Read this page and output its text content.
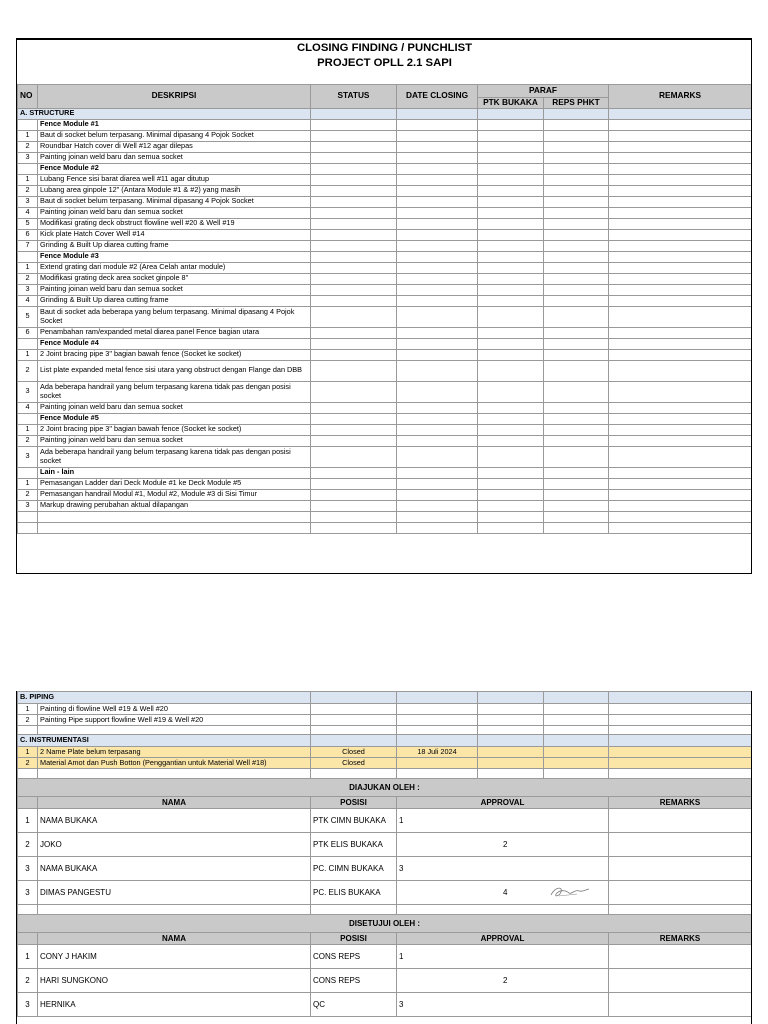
CLOSING FINDING / PUNCHLIST						
PROJECT OPLL 2.1 SAPI						
NO	DESKRIPSI	STATUS	DATE CLOSING	PARAF		REMARKS
				PTK BUKAKA	REPS PHKT	
A. STRUCTURE						
	Fence Module #1					
1	Baut di socket belum terpasang. Minimal dipasang 4 Pojok Socket					
2	Roundbar Hatch cover di Well #12 agar dilepas					
3	Painting joinan weld baru dan semua socket					
	Fence Module #2					
1	Lubang Fence sisi barat diarea well #11 agar ditutup					
2	Lubang area ginpole 12" (Antara Module #1 & #2) yang masih					
3	Baut di socket belum terpasang. Minimal dipasang 4 Pojok Socket					
4	Painting joinan weld baru dan semua socket					
5	Modifikasi grating deck obstruct flowline well #20 & Well #19					
6	Kick plate Hatch Cover Well #14					
7	Grinding & Built Up diarea cutting frame					
	Fence Module #3					
1	Extend grating dari module #2 (Area Celah antar module)					
2	Modifikasi grating deck area socket ginpole 8"					
3	Painting joinan weld baru dan semua socket					
4	Grinding & Built Up diarea cutting frame					
5	Baut di socket ada beberapa yang belum terpasang. Minimal dipasang 4 Pojok Socket					
6	Penambahan ram/expanded metal diarea panel Fence bagian utara					
	Fence Module #4					
1	2 Joint bracing pipe 3" bagian bawah fence (Socket ke socket)					
2	List plate expanded metal fence sisi utara yang obstruct dengan Flange dan DBB					
3	Ada beberapa handrail yang belum terpasang karena tidak pas dengan posisi socket					
4	Painting joinan weld baru dan semua socket					
	Fence Module #5					
1	2 Joint bracing pipe 3" bagian bawah fence (Socket ke socket)					
2	Painting joinan weld baru dan semua socket					
3	Ada beberapa handrail yang belum terpasang karena tidak pas dengan posisi socket					
	Lain - lain					
1	Pemasangan Ladder dari Deck Module #1 ke Deck Module #5					
2	Pemasangan handrail Modul #1, Modul #2, Module #3 di Sisi Timur					
3	Markup drawing perubahan aktual dilapangan					

B. PIPING						
1	Painting di flowline Well #19 & Well #20					
2	Painting Pipe support flowline Well #19 & Well #20					

C. INSTRUMENTASI						
1	2 Name Plate belum terpasang	Closed	18 Juli 2024			
2	Material Amot dan Push Botton (Penggantian untuk Material Well #18)	Closed				

DIAJUKAN OLEH :						
	NAMA	POSISI	APPROVAL			REMARKS
1	NAMA BUKAKA	PTK CIMN BUKAKA	1			

2	JOKO	PTK ELIS BUKAKA	2			

3	NAMA BUKAKA	PC. CIMN BUKAKA	3			

3	DIMAS PANGESTU	PC. ELIS BUKAKA	4			

DISETUJUI OLEH :						
	NAMA	POSISI	APPROVAL			REMARKS
1	CONY J HAKIM	CONS REPS	1			

2	HARI SUNGKONO	CONS REPS	2			

3	HERNIKA	QC	3			
